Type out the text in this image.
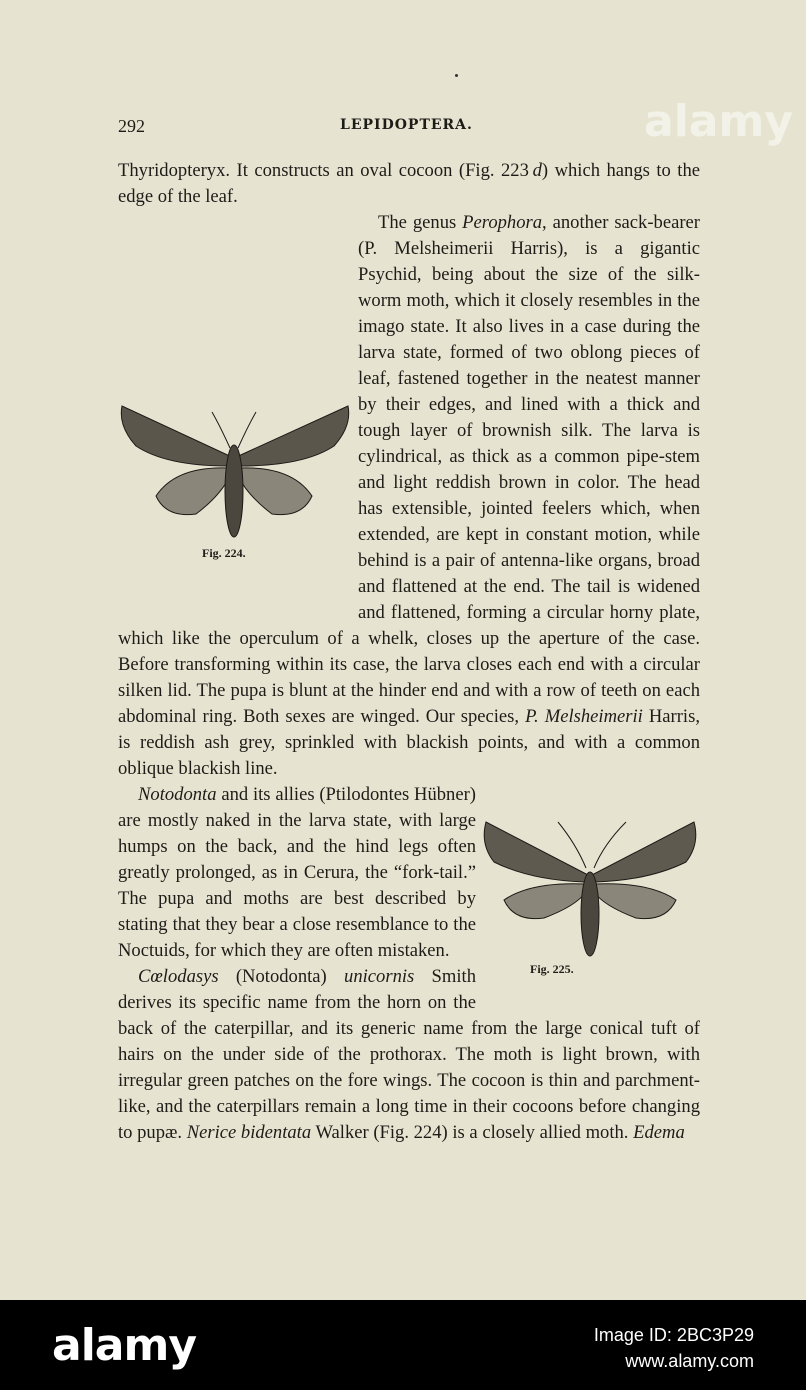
292	LEPIDOPTERA.

Thyridopteryx. It constructs an oval cocoon (Fig. 223 d) which hangs to the edge of the leaf.

The genus Perophora, another sack-bearer (P. Melsheimerii Harris), is a gigantic Psychid, being about the size of the silk-worm moth, which it closely resembles in the imago state. It also lives in a case during the larva state, formed of two oblong pieces of leaf, fastened together in the neatest manner by their edges, and lined with a thick and tough layer of brownish silk. The larva is cylindrical, as thick as a common pipe-stem and light reddish brown in color. The head has extensible, jointed feelers which, when extended, are kept in constant motion, while behind is a pair of antenna-like organs, broad and flattened at the end. The tail is widened and flattened, forming a circular horny plate, which like the operculum of a whelk, closes up the aperture of the case. Before transforming within its case, the larva closes each end with a circular silken lid. The pupa is blunt at the hinder end and with a row of teeth on each abdominal ring. Both sexes are winged. Our species, P. Melsheimerii Harris, is reddish ash grey, sprinkled with blackish points, and with a common oblique blackish line.

Notodonta and its allies (Ptilodontes Hübner) are mostly naked in the larva state, with large humps on the back, and the hind legs often greatly prolonged, as in Cerura, the “fork-tail.” The pupa and moths are best described by stating that they bear a close resemblance to the Noctuids, for which they are often mistaken.

Cœlodasys (Notodonta) unicornis Smith derives its specific name from the horn on the back of the caterpillar, and its generic name from the large conical tuft of hairs on the under side of the prothorax. The moth is light brown, with irregular green patches on the fore wings. The cocoon is thin and parchment-like, and the caterpillars remain a long time in their cocoons before changing to pupæ. Nerice bidentata Walker (Fig. 224) is a closely allied moth. Edema

Fig. 224.
Fig. 225.
alamy
alamy	Image ID: 2BC3P29
www.alamy.com
